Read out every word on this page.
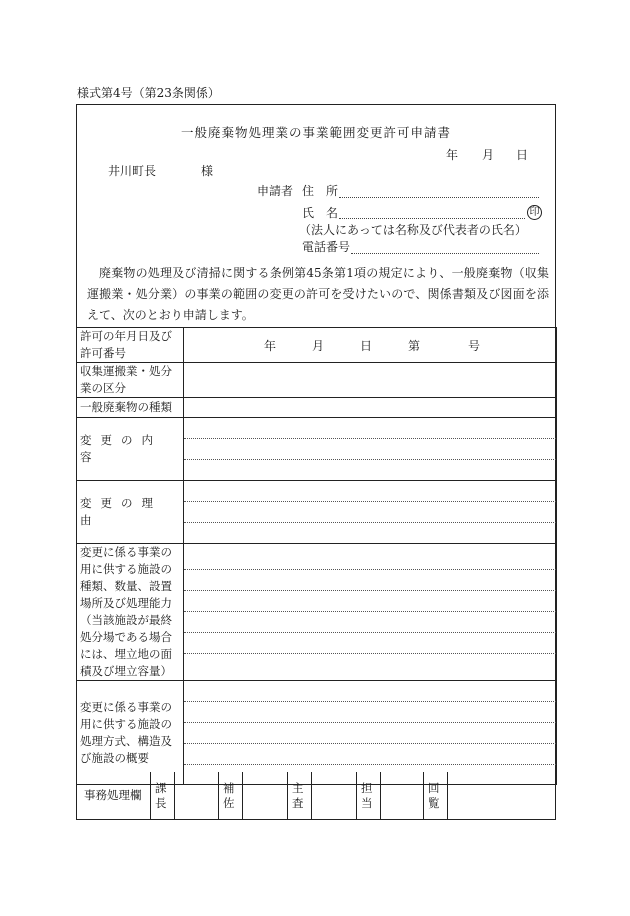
様式第4号（第23条関係）
一般廃棄物処理業の事業範囲変更許可申請書
年 月 日
井川町長	様
申請者 住　所
氏　名	印
（法人にあっては名称及び代表者の氏名）
電話番号
廃棄物の処理及び清掃に関する条例第45条第1項の規定により、一般廃棄物（収集運搬業・処分業）の事業の範囲の変更の許可を受けたいので、関係書類及び図面を添えて、次のとおり申請します。
許可の年月日及び許可番号	年 月 日 第 号

収集運搬業・処分業の区分	
一般廃棄物の種類	
変更の内容	

変更の理由	

変更に係る事業の用に供する施設の種類、数量、設置場所及び処理能力（当該施設が最終処分場である場合には、埋立地の面積及び埋立容量）	

変更に係る事業の用に供する施設の処理方式、構造及び施設の概要	
事務処理欄 課長
補佐
主査
担当
回覧
